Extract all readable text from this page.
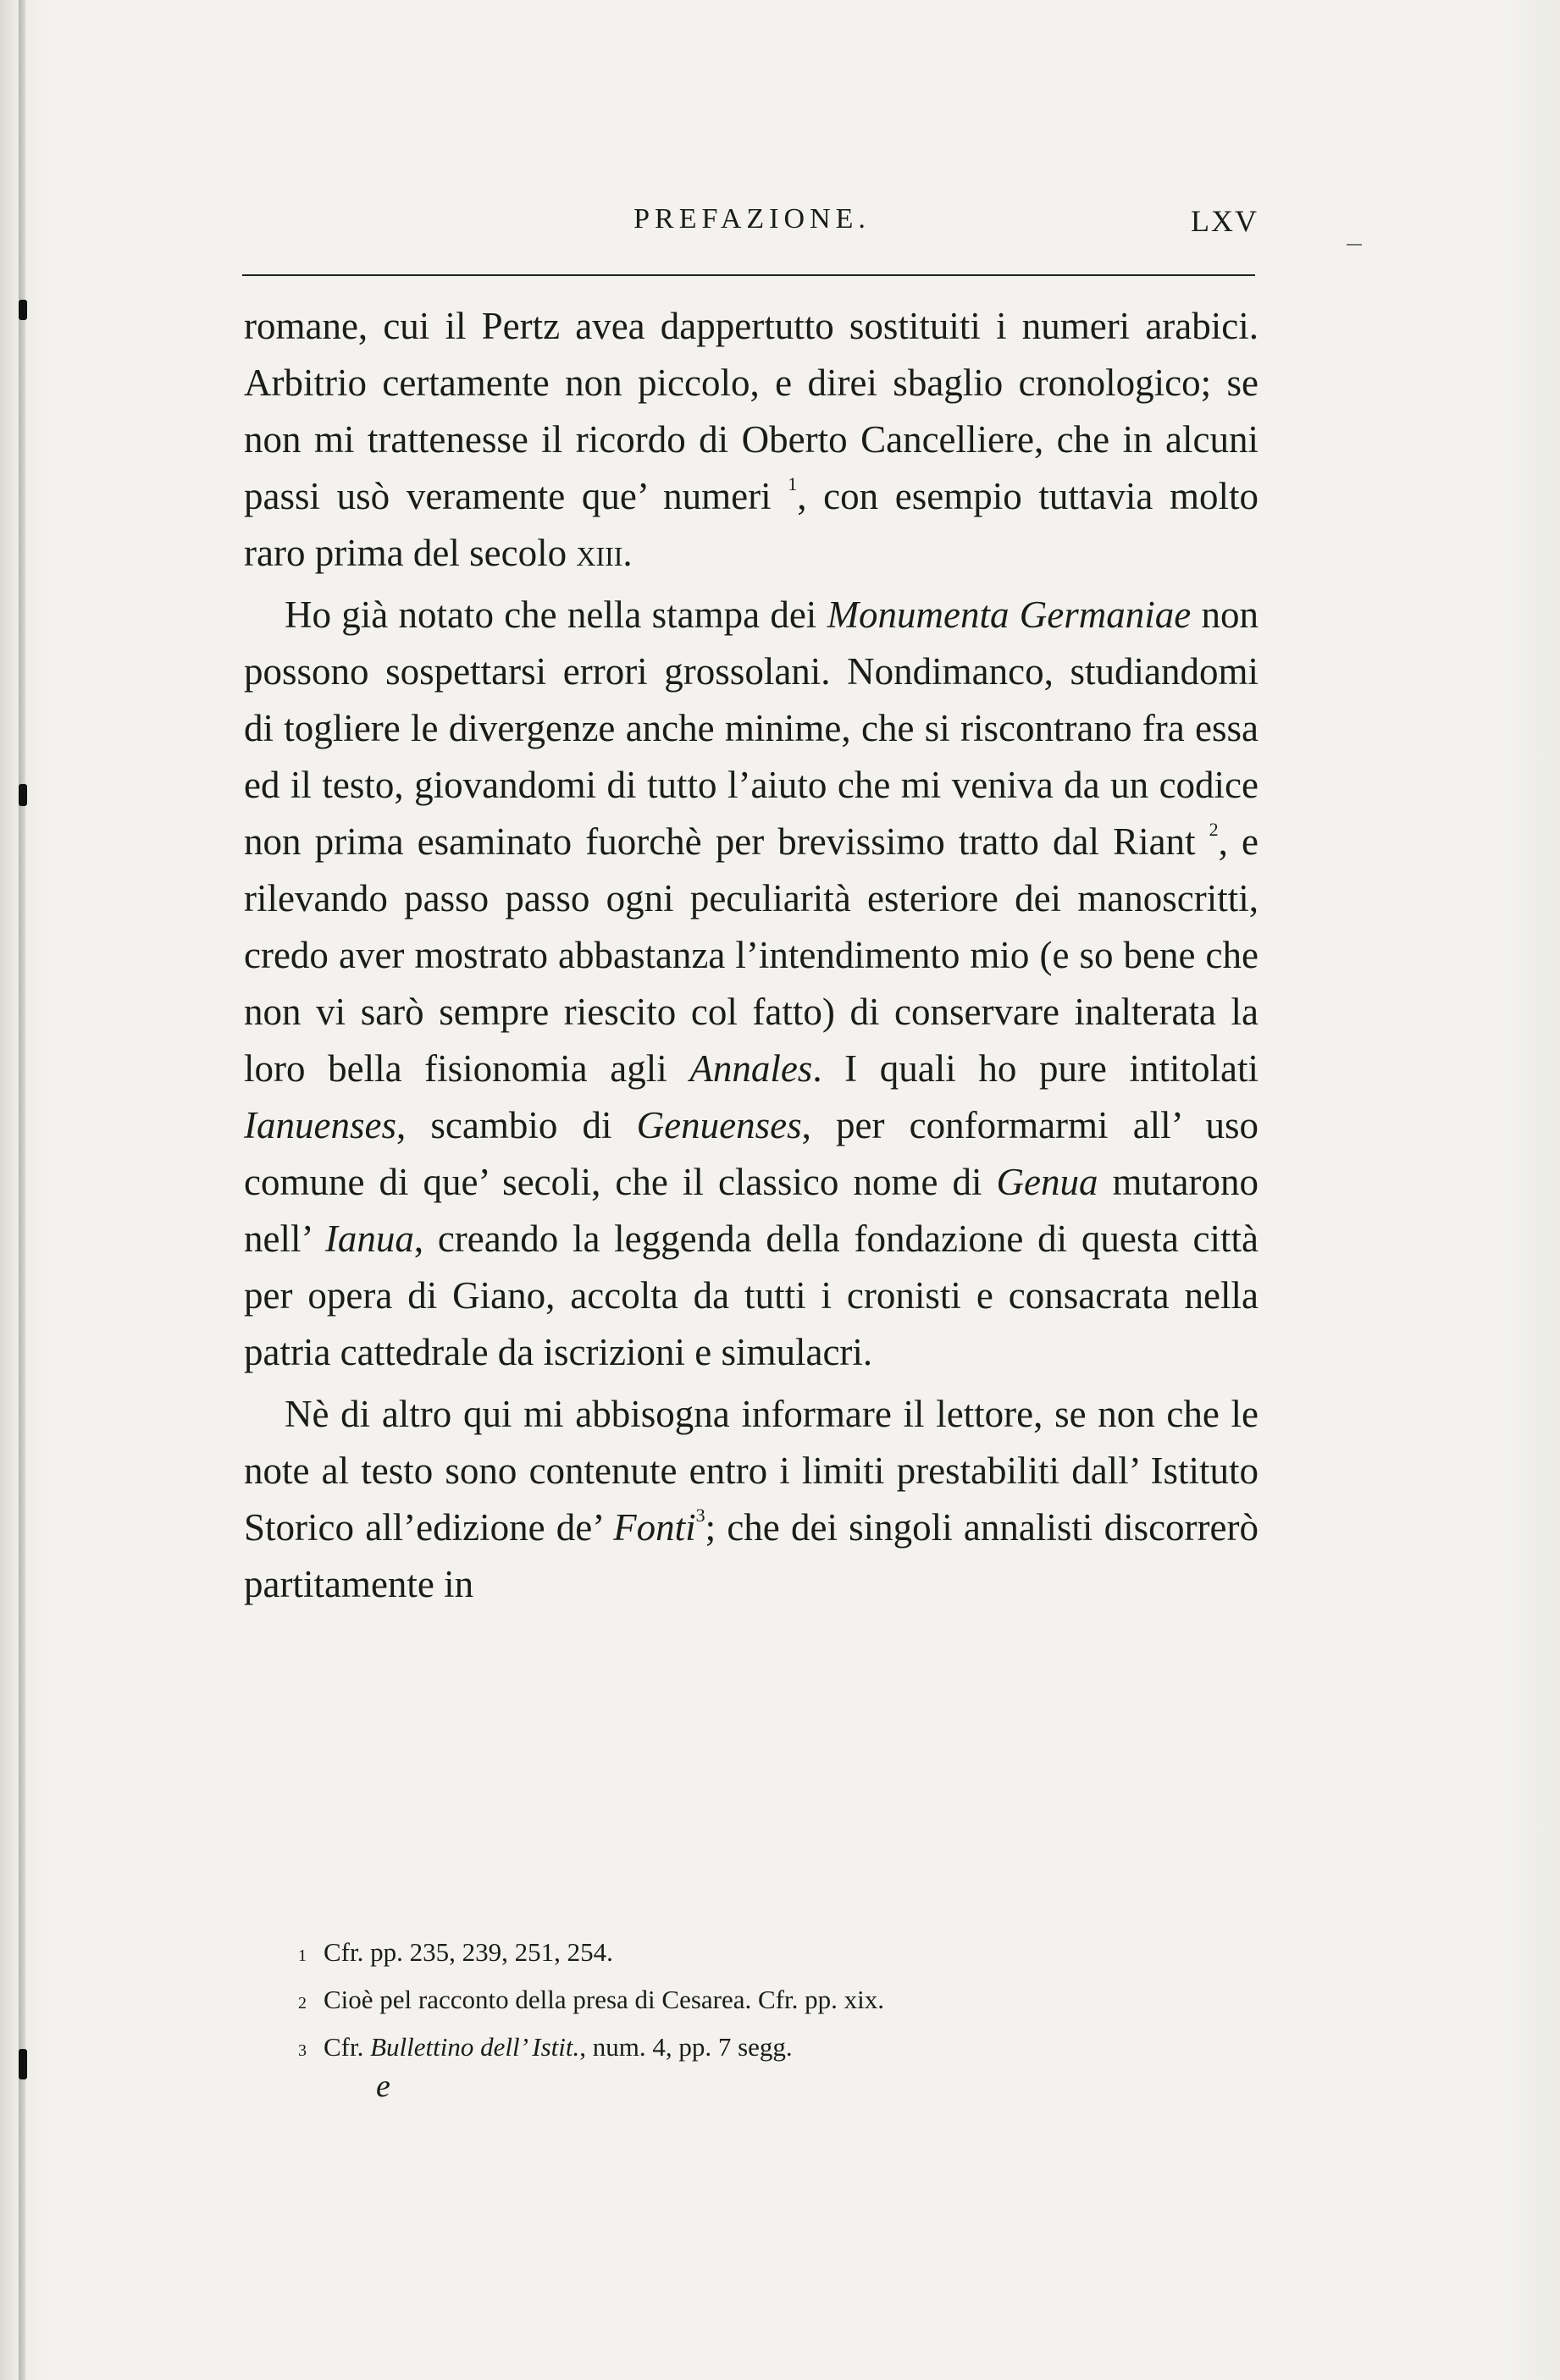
PREFAZIONE.	LXV

romane, cui il Pertz avea dappertutto sostituiti i numeri arabici. Arbitrio certamente non piccolo, e direi sbaglio cronologico; se non mi trattenesse il ricordo di Oberto Cancelliere, che in alcuni passi usò veramente que’ numeri $^1$, con esempio tuttavia molto raro prima del secolo xiii.

Ho già notato che nella stampa dei Monumenta Germaniae non possono sospettarsi errori grossolani. Nondimanco, studiandomi di togliere le divergenze anche minime, che si riscontrano fra essa ed il testo, giovandomi di tutto l’aiuto che mi veniva da un codice non prima esaminato fuorchè per brevissimo tratto dal Riant $^2$, e rilevando passo passo ogni peculiarità esteriore dei manoscritti, credo aver mostrato abbastanza l’intendimento mio (e so bene che non vi sarò sempre riescito col fatto) di conservare inalterata la loro bella fisionomia agli Annales. I quali ho pure intitolati Ianuenses, scambio di Genuenses, per conformarmi all’ uso comune di que’ secoli, che il classico nome di Genua mutarono nell’ Ianua, creando la leggenda della fondazione di questa città per opera di Giano, accolta da tutti i cronisti e consacrata nella patria cattedrale da iscrizioni e simulacri.

Nè di altro qui mi abbisogna informare il lettore, se non che le note al testo sono contenute entro i limiti prestabiliti dall’ Istituto Storico all’edizione de’ Fonti$^3$; che dei singoli annalisti discorrerò partitamente in

1 Cfr. pp. 235, 239, 251, 254.
2 Cioè pel racconto della presa di Cesarea. Cfr. pp. xix.
3 Cfr. Bullettino dell’ Istit., num. 4, pp. 7 segg.
e
